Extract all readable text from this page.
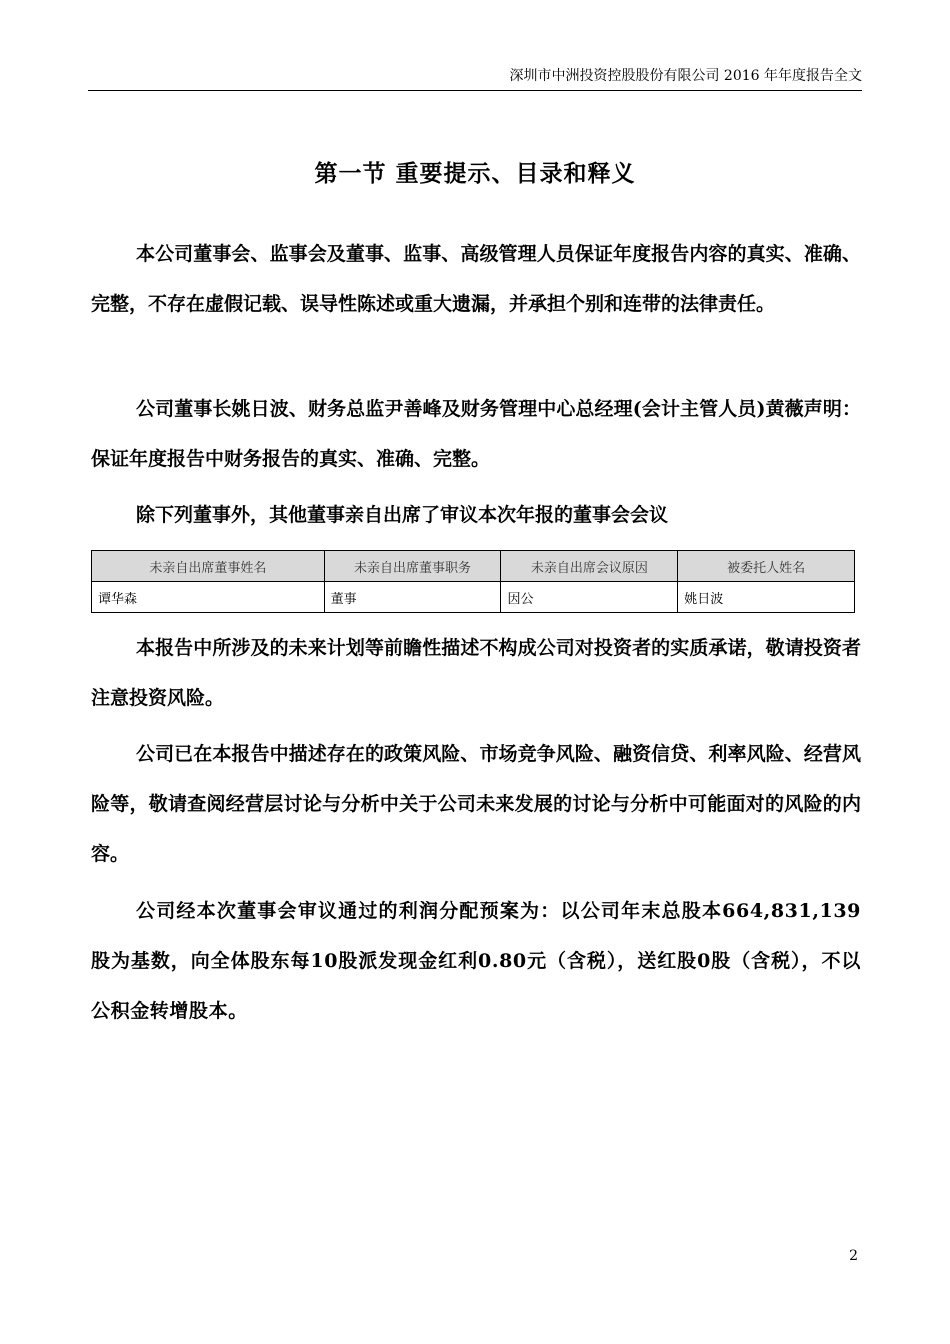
深圳市中洲投资控股股份有限公司 2016 年年度报告全文
第一节 重要提示、目录和释义

本公司董事会、监事会及董事、监事、高级管理人员保证年度报告内容的真实、准确、完整，不存在虚假记载、误导性陈述或重大遗漏，并承担个别和连带的法律责任。

公司董事长姚日波、财务总监尹善峰及财务管理中心总经理(会计主管人员)黄薇声明：保证年度报告中财务报告的真实、准确、完整。

除下列董事外，其他董事亲自出席了审议本次年报的董事会会议

未亲自出席董事姓名	未亲自出席董事职务	未亲自出席会议原因	被委托人姓名
谭华森	董事	因公	姚日波

本报告中所涉及的未来计划等前瞻性描述不构成公司对投资者的实质承诺，敬请投资者注意投资风险。

公司已在本报告中描述存在的政策风险、市场竞争风险、融资信贷、利率风险、经营风险等，敬请查阅经营层讨论与分析中关于公司未来发展的讨论与分析中可能面对的风险的内容。

公司经本次董事会审议通过的利润分配预案为：以公司年末总股本664,831,139股为基数，向全体股东每10股派发现金红利0.80元（含税），送红股0股（含税），不以公积金转增股本。

2
